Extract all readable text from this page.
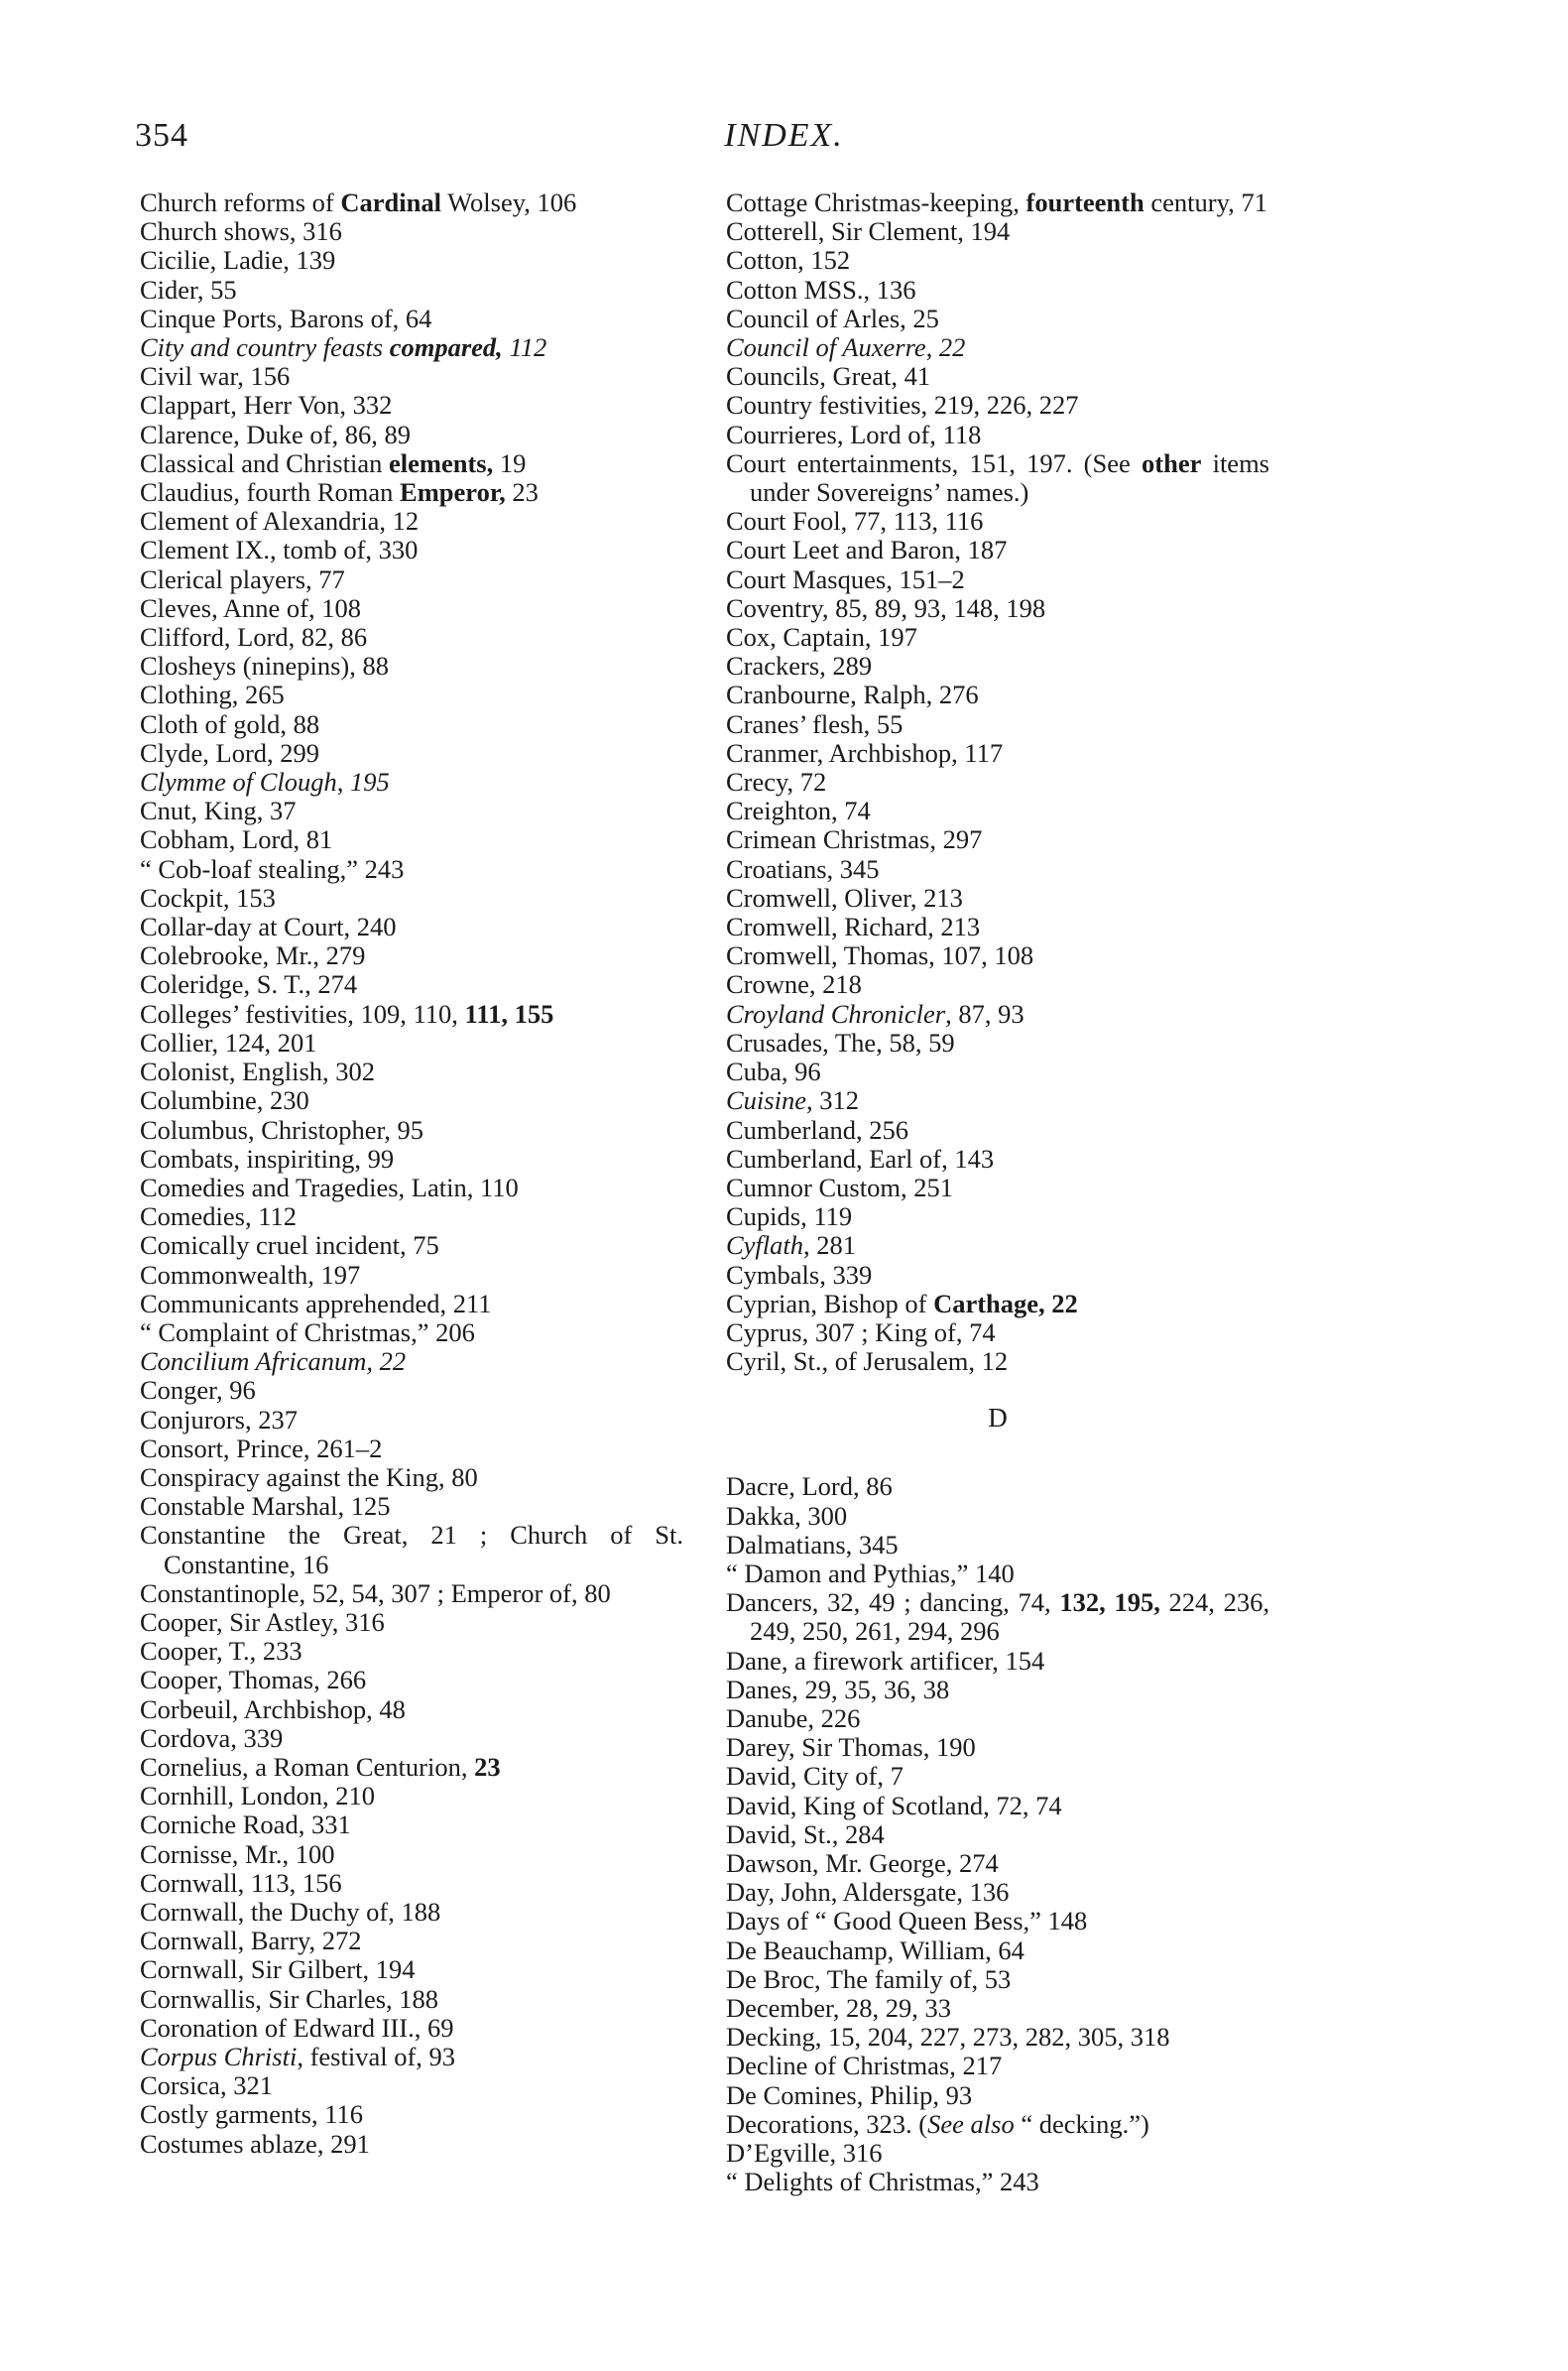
354	INDEX.
Church reforms of Cardinal Wolsey, 106
Church shows, 316
Cicilie, Ladie, 139
Cider, 55
Cinque Ports, Barons of, 64
City and country feasts compared, 112
Civil war, 156
Clappart, Herr Von, 332
Clarence, Duke of, 86, 89
Classical and Christian elements, 19
Claudius, fourth Roman Emperor, 23
Clement of Alexandria, 12
Clement IX., tomb of, 330
Clerical players, 77
Cleves, Anne of, 108
Clifford, Lord, 82, 86
Closheys (ninepins), 88
Clothing, 265
Cloth of gold, 88
Clyde, Lord, 299
Clymme of Clough, 195
Cnut, King, 37
Cobham, Lord, 81
“ Cob-loaf stealing,” 243
Cockpit, 153
Collar-day at Court, 240
Colebrooke, Mr., 279
Coleridge, S. T., 274
Colleges’ festivities, 109, 110, 111, 155
Collier, 124, 201
Colonist, English, 302
Columbine, 230
Columbus, Christopher, 95
Combats, inspiriting, 99
Comedies and Tragedies, Latin, 110
Comedies, 112
Comically cruel incident, 75
Commonwealth, 197
Communicants apprehended, 211
“ Complaint of Christmas,” 206
Concilium Africanum, 22
Conger, 96
Conjurors, 237
Consort, Prince, 261–2
Conspiracy against the King, 80
Constable Marshal, 125
Constantine the Great, 21 ; Church of St. Constantine, 16
Constantinople, 52, 54, 307 ; Emperor of, 80
Cooper, Sir Astley, 316
Cooper, T., 233
Cooper, Thomas, 266
Corbeuil, Archbishop, 48
Cordova, 339
Cornelius, a Roman Centurion, 23
Cornhill, London, 210
Corniche Road, 331
Cornisse, Mr., 100
Cornwall, 113, 156
Cornwall, the Duchy of, 188
Cornwall, Barry, 272
Cornwall, Sir Gilbert, 194
Cornwallis, Sir Charles, 188
Coronation of Edward III., 69
Corpus Christi, festival of, 93
Corsica, 321
Costly garments, 116
Costumes ablaze, 291
Cottage Christmas-keeping, fourteenth century, 71
Cotterell, Sir Clement, 194
Cotton, 152
Cotton MSS., 136
Council of Arles, 25
Council of Auxerre, 22
Councils, Great, 41
Country festivities, 219, 226, 227
Courrieres, Lord of, 118
Court entertainments, 151, 197. (See other items under Sovereigns’ names.)
Court Fool, 77, 113, 116
Court Leet and Baron, 187
Court Masques, 151–2
Coventry, 85, 89, 93, 148, 198
Cox, Captain, 197
Crackers, 289
Cranbourne, Ralph, 276
Cranes’ flesh, 55
Cranmer, Archbishop, 117
Crecy, 72
Creighton, 74
Crimean Christmas, 297
Croatians, 345
Cromwell, Oliver, 213
Cromwell, Richard, 213
Cromwell, Thomas, 107, 108
Crowne, 218
Croyland Chronicler, 87, 93
Crusades, The, 58, 59
Cuba, 96
Cuisine, 312
Cumberland, 256
Cumberland, Earl of, 143
Cumnor Custom, 251
Cupids, 119
Cyflath, 281
Cymbals, 339
Cyprian, Bishop of Carthage, 22
Cyprus, 307 ; King of, 74
Cyril, St., of Jerusalem, 12
D
Dacre, Lord, 86
Dakka, 300
Dalmatians, 345
“ Damon and Pythias,” 140
Dancers, 32, 49 ; dancing, 74, 132, 195, 224, 236, 249, 250, 261, 294, 296
Dane, a firework artificer, 154
Danes, 29, 35, 36, 38
Danube, 226
Darey, Sir Thomas, 190
David, City of, 7
David, King of Scotland, 72, 74
David, St., 284
Dawson, Mr. George, 274
Day, John, Aldersgate, 136
Days of “ Good Queen Bess,” 148
De Beauchamp, William, 64
De Broc, The family of, 53
December, 28, 29, 33
Decking, 15, 204, 227, 273, 282, 305, 318
Decline of Christmas, 217
De Comines, Philip, 93
Decorations, 323. (See also “ decking.”)
D’Egville, 316
“ Delights of Christmas,” 243
